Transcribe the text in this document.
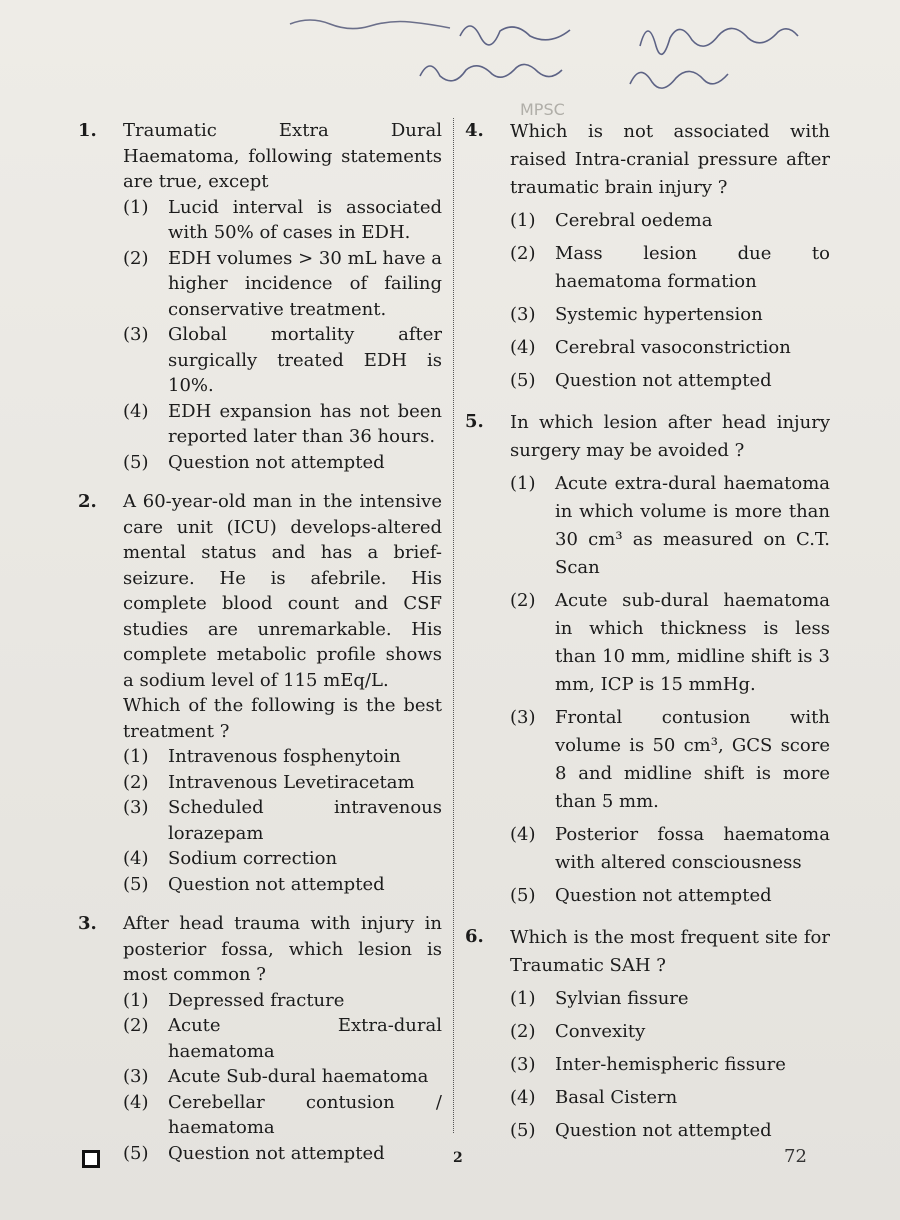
MPSC
1.	Traumatic Extra Dural Haematoma, following statements are true, except
(1) Lucid interval is associated with 50% of cases in EDH.
(2) EDH volumes > 30 mL have a higher incidence of failing conservative treatment.
(3) Global mortality after surgically treated EDH is 10%.
(4) EDH expansion has not been reported later than 36 hours.
(5) Question not attempted
2.	A 60-year-old man in the intensive care unit (ICU) develops-altered mental status and has a brief-seizure. He is afebrile. His complete blood count and CSF studies are unremarkable. His complete metabolic profile shows a sodium level of 115 mEq/L.
Which of the following is the best treatment ?
(1) Intravenous fosphenytoin
(2) Intravenous Levetiracetam
(3) Scheduled intravenous lorazepam
(4) Sodium correction
(5) Question not attempted
3.	After head trauma with injury in posterior fossa, which lesion is most common ?
(1) Depressed fracture
(2) Acute Extra-dural haematoma
(3) Acute Sub-dural haematoma
(4) Cerebellar contusion / haematoma
(5) Question not attempted
4.	Which is not associated with raised Intra-cranial pressure after traumatic brain injury ?
(1) Cerebral oedema
(2) Mass lesion due to haematoma formation
(3) Systemic hypertension
(4) Cerebral vasoconstriction
(5) Question not attempted
5.	In which lesion after head injury surgery may be avoided ?
(1) Acute extra-dural haematoma in which volume is more than 30 cm³ as measured on C.T. Scan
(2) Acute sub-dural haematoma in which thickness is less than 10 mm, midline shift is 3 mm, ICP is 15 mmHg.
(3) Frontal contusion with volume is 50 cm³, GCS score 8 and midline shift is more than 5 mm.
(4) Posterior fossa haematoma with altered consciousness
(5) Question not attempted
6.	Which is the most frequent site for Traumatic SAH ?
(1) Sylvian fissure
(2) Convexity
(3) Inter-hemispheric fissure
(4) Basal Cistern
(5) Question not attempted
2	72
